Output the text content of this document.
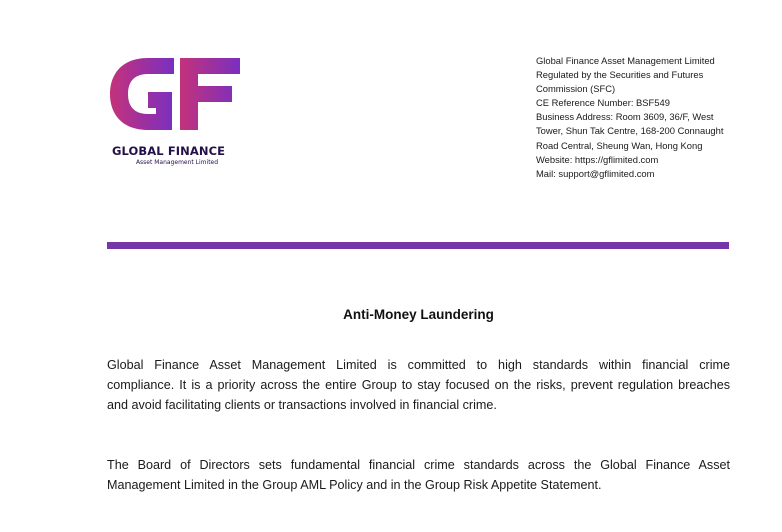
GLOBAL FINANCE
Asset Management Limited
Global Finance Asset Management Limited
Regulated by the Securities and Futures
Commission (SFC)
CE Reference Number: BSF549
Business Address: Room 3609, 36/F, West
Tower, Shun Tak Centre, 168-200 Connaught
Road Central, Sheung Wan, Hong Kong
Website: https://gflimited.com
Mail: support@gflimited.com
Anti-Money Laundering
Global Finance Asset Management Limited is committed to high standards within financial crime
compliance. It is a priority across the entire Group to stay focused on the risks, prevent regulation breaches
and avoid facilitating clients or transactions involved in financial crime.
The Board of Directors sets fundamental financial crime standards across the Global Finance Asset
Management Limited in the Group AML Policy and in the Group Risk Appetite Statement.
